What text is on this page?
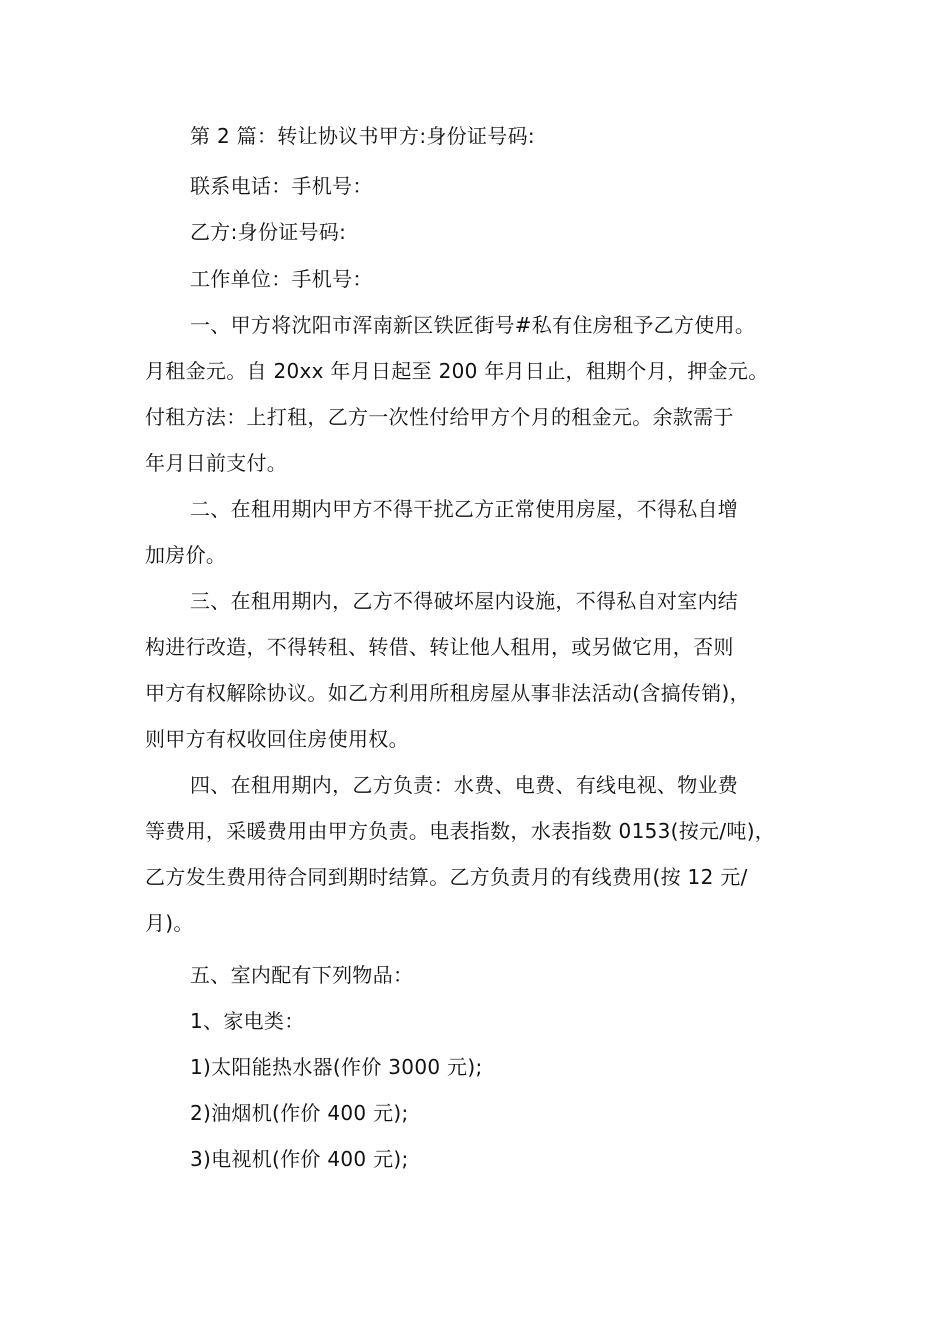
第 2 篇：转让协议书甲方:身份证号码:
联系电话：手机号：
乙方:身份证号码:
工作单位：手机号：
一、甲方将沈阳市浑南新区铁匠街号#私有住房租予乙方使用。
月租金元。自 20xx 年月日起至 200 年月日止，租期个月，押金元。
付租方法：上打租，乙方一次性付给甲方个月的租金元。余款需于
年月日前支付。
二、在租用期内甲方不得干扰乙方正常使用房屋，不得私自增
加房价。
三、在租用期内，乙方不得破坏屋内设施，不得私自对室内结
构进行改造，不得转租、转借、转让他人租用，或另做它用，否则
甲方有权解除协议。如乙方利用所租房屋从事非法活动(含搞传销)，
则甲方有权收回住房使用权。
四、在租用期内，乙方负责：水费、电费、有线电视、物业费
等费用，采暖费用由甲方负责。电表指数，水表指数 0153(按元/吨)，
乙方发生费用待合同到期时结算。乙方负责月的有线费用(按 12 元/
月)。
五、室内配有下列物品：
1、家电类：
1)太阳能热水器(作价 3000 元);
2)油烟机(作价 400 元);
3)电视机(作价 400 元);
